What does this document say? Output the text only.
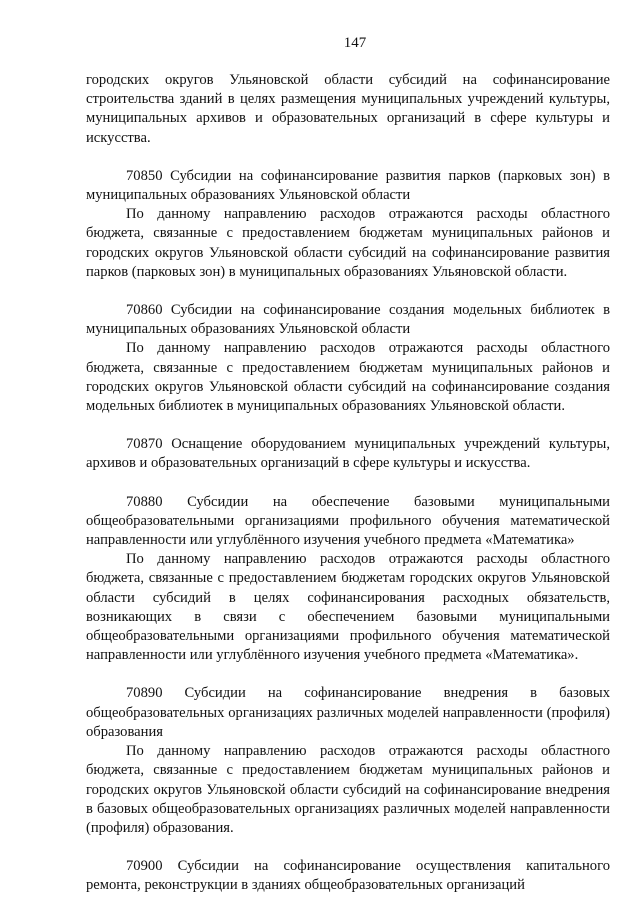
147

городских округов Ульяновской области субсидий на софинансирование строительства зданий в целях размещения муниципальных учреждений культуры, муниципальных архивов и образовательных организаций в сфере культуры и искусства.

70850 Субсидии на софинансирование развития парков (парковых зон) в муниципальных образованиях Ульяновской области

По данному направлению расходов отражаются расходы областного бюджета, связанные с предоставлением бюджетам муниципальных районов и городских округов Ульяновской области субсидий на софинансирование развития парков (парковых зон) в муниципальных образованиях Ульяновской области.

70860 Субсидии на софинансирование создания модельных библиотек в муниципальных образованиях Ульяновской области

По данному направлению расходов отражаются расходы областного бюджета, связанные с предоставлением бюджетам муниципальных районов и городских округов Ульяновской области субсидий на софинансирование создания модельных библиотек в муниципальных образованиях Ульяновской области.

70870 Оснащение оборудованием муниципальных учреждений культуры, архивов и образовательных организаций в сфере культуры и искусства.

70880 Субсидии на обеспечение базовыми муниципальными общеобразовательными организациями профильного обучения математической направленности или углублённого изучения учебного предмета «Математика»

По данному направлению расходов отражаются расходы областного бюджета, связанные с предоставлением бюджетам городских округов Ульяновской области субсидий в целях софинансирования расходных обязательств, возникающих в связи с обеспечением базовыми муниципальными общеобразовательными организациями профильного обучения математической направленности или углублённого изучения учебного предмета «Математика».

70890 Субсидии на софинансирование внедрения в базовых общеобразовательных организациях различных моделей направленности (профиля) образования

По данному направлению расходов отражаются расходы областного бюджета, связанные с предоставлением бюджетам муниципальных районов и городских округов Ульяновской области субсидий на софинансирование внедрения в базовых общеобразовательных организациях различных моделей направленности (профиля) образования.

70900 Субсидии на софинансирование осуществления капитального ремонта, реконструкции в зданиях общеобразовательных организаций
